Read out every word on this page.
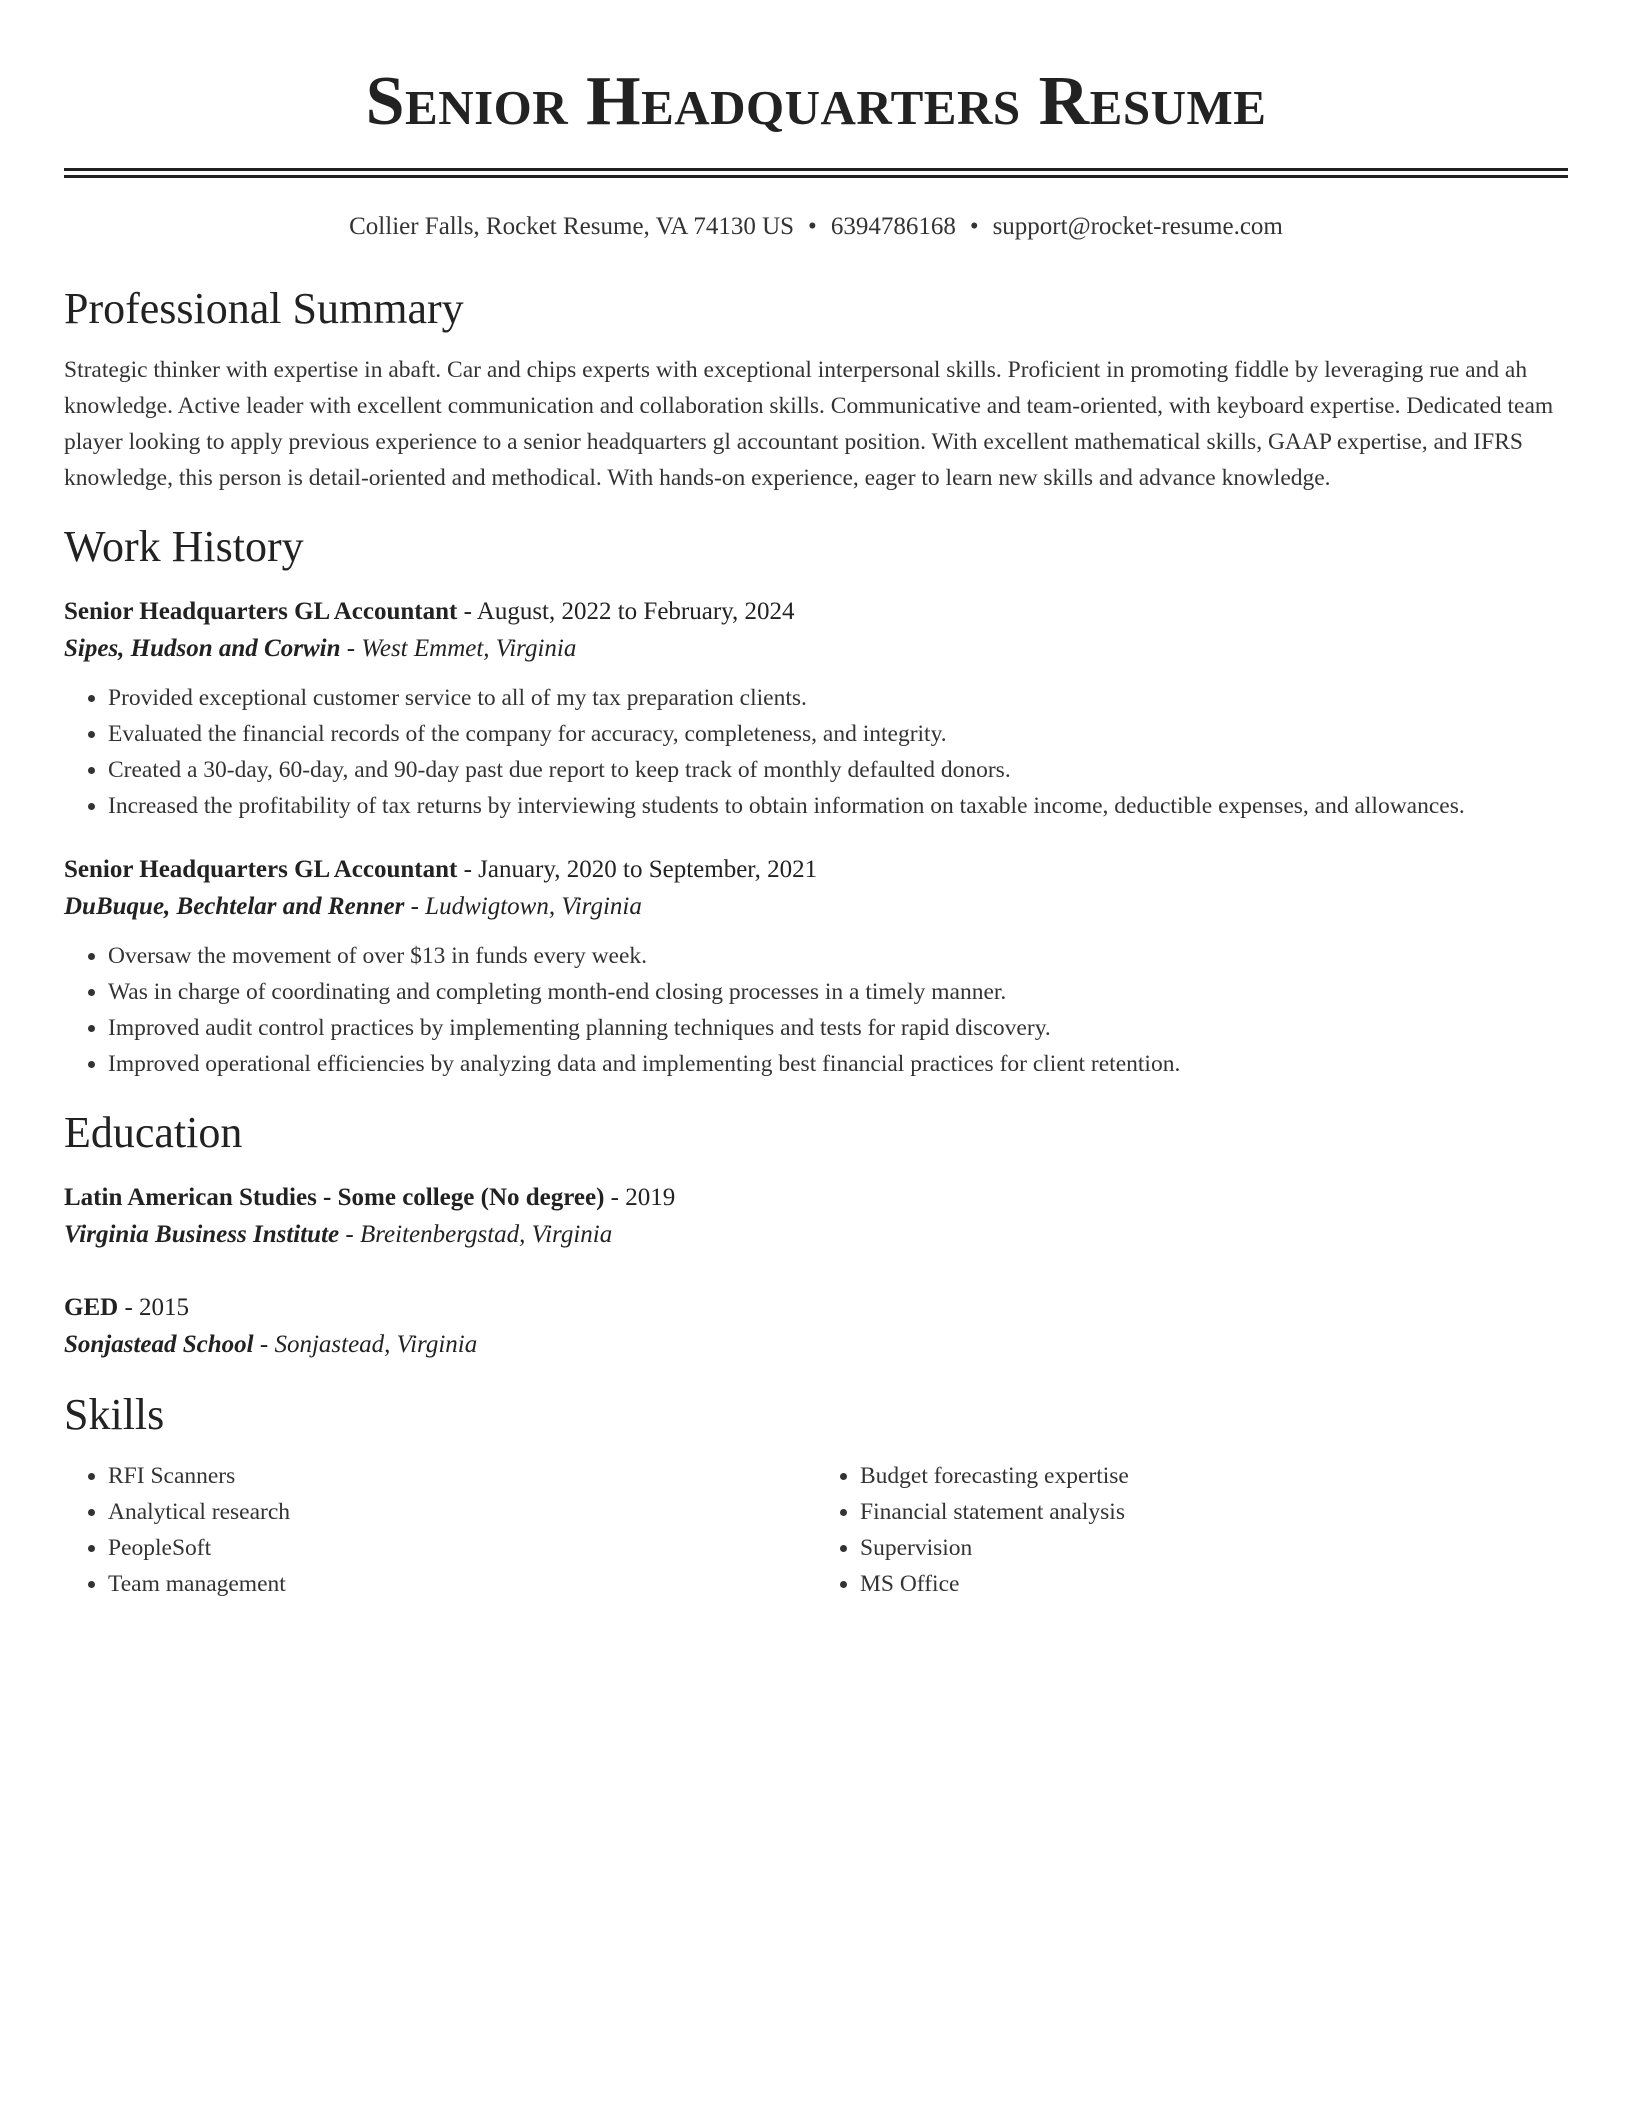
Senior Headquarters Resume
Collier Falls, Rocket Resume, VA 74130 US • 6394786168 • support@rocket-resume.com
Professional Summary

Strategic thinker with expertise in abaft. Car and chips experts with exceptional interpersonal skills. Proficient in promoting fiddle by leveraging rue and ah knowledge. Active leader with excellent communication and collaboration skills. Communicative and team-oriented, with keyboard expertise. Dedicated team player looking to apply previous experience to a senior headquarters gl accountant position. With excellent mathematical skills, GAAP expertise, and IFRS knowledge, this person is detail-oriented and methodical. With hands-on experience, eager to learn new skills and advance knowledge.

Work History
Senior Headquarters GL Accountant - August, 2022 to February, 2024
Sipes, Hudson and Corwin - West Emmet, Virginia
• Provided exceptional customer service to all of my tax preparation clients.
• Evaluated the financial records of the company for accuracy, completeness, and integrity.
• Created a 30-day, 60-day, and 90-day past due report to keep track of monthly defaulted donors.
• Increased the profitability of tax returns by interviewing students to obtain information on taxable income, deductible expenses, and allowances.
Senior Headquarters GL Accountant - January, 2020 to September, 2021
DuBuque, Bechtelar and Renner - Ludwigtown, Virginia
• Oversaw the movement of over $13 in funds every week.
• Was in charge of coordinating and completing month-end closing processes in a timely manner.
• Improved audit control practices by implementing planning techniques and tests for rapid discovery.
• Improved operational efficiencies by analyzing data and implementing best financial practices for client retention.
Education
Latin American Studies - Some college (No degree) - 2019
Virginia Business Institute - Breitenbergstad, Virginia
GED - 2015
Sonjastead School - Sonjastead, Virginia
Skills
• RFI Scanners
• Analytical research
• PeopleSoft
• Team management
• Budget forecasting expertise
• Financial statement analysis
• Supervision
• MS Office
